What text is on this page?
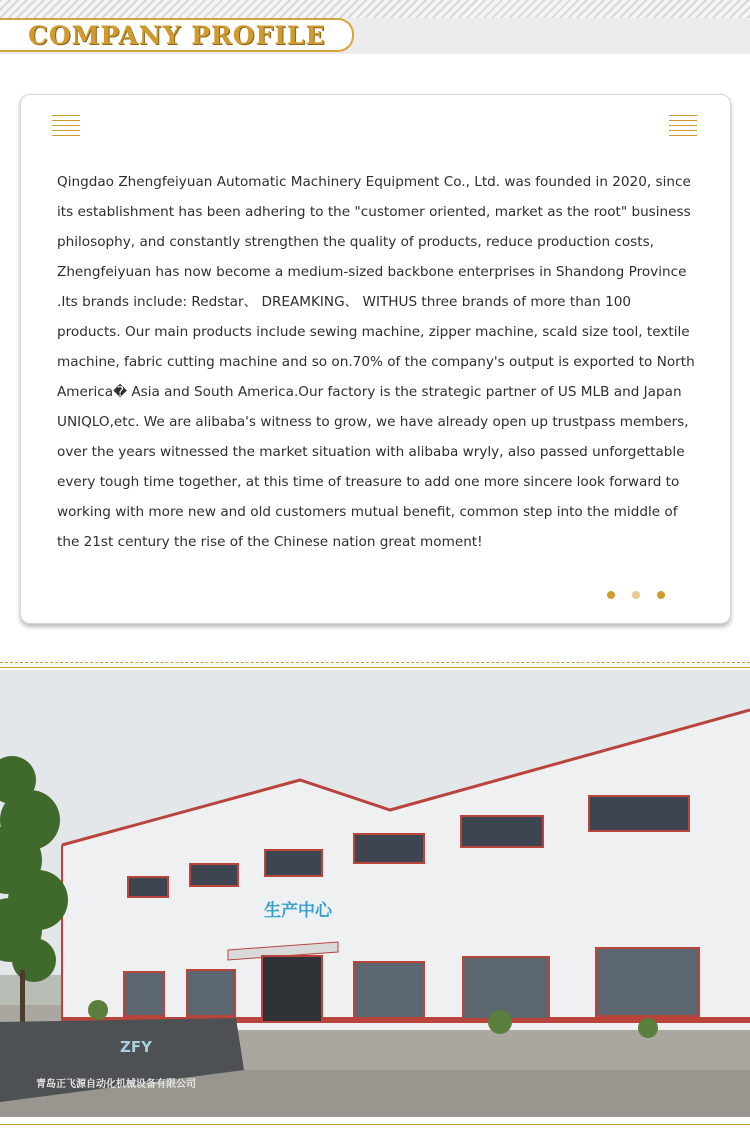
COMPANY PROFILE

Qingdao Zhengfeiyuan Automatic Machinery Equipment Co., Ltd. was founded in 2020, since its establishment has been adhering to the "customer oriented, market as the root" business philosophy, and constantly strengthen the quality of products, reduce production costs, Zhengfeiyuan has now become a medium-sized backbone enterprises in Shandong Province .Its brands include: Redstar、 DREAMKING、 WITHUS three brands of more than 100 products. Our main products include sewing machine, zipper machine, scald size tool, textile machine, fabric cutting machine and so on.70% of the company's output is exported to North America� Asia and South America.Our factory is the strategic partner of US MLB and Japan UNIQLO,etc. We are alibaba's witness to grow, we have already open up trustpass members, over the years witnessed the market situation with alibaba wryly, also passed unforgettable every tough time together, at this time of treasure to add one more sincere look forward to working with more new and old customers mutual benefit, common step into the middle of the 21st century the rise of the Chinese nation great moment!

生产中心
ZFY
青岛正飞源自动化机械设备有限公司
